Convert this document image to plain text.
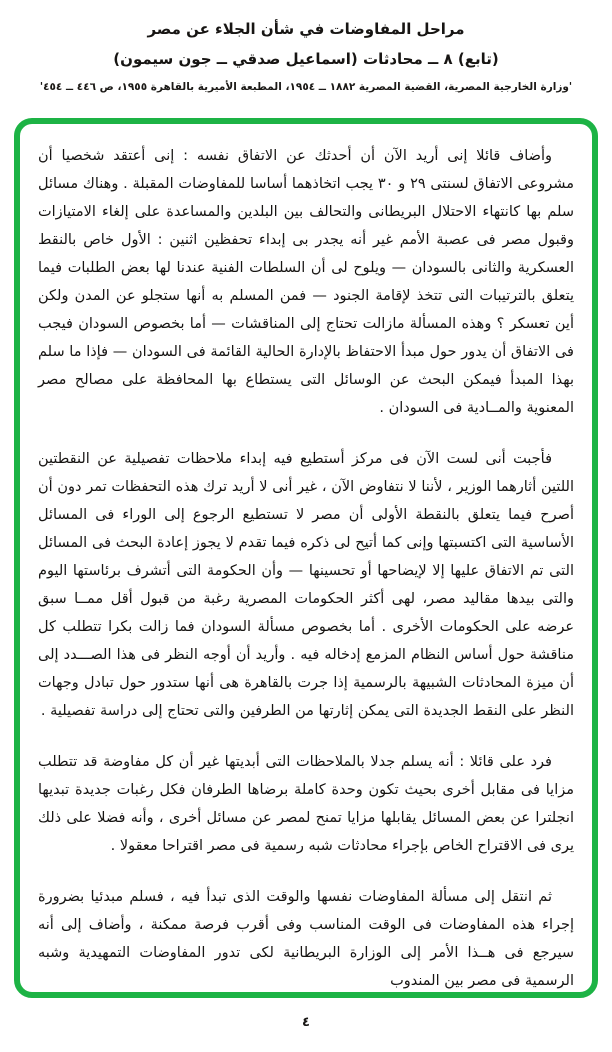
مراحل المفاوضات في شأن الجلاء عن مصر

(تابع) ٨ ــ محادثات (اسماعيل صدقي ــ جون سيمون)

'وزارة الخارجية المصرية، القضية المصرية ١٨٨٢ ــ ١٩٥٤، المطبعة الأميرية بالقاهرة ١٩٥٥، ص ٤٤٦ ــ ٤٥٤'

وأضاف قائلا إنى أريد الآن أن أحدثك عن الاتفاق نفسه : إنى أعتقد شخصيا أن مشروعى الاتفاق لسنتى ٢٩ و ٣٠ يجب اتخاذهما أساسا للمفاوضات المقبلة . وهناك مسائل سلم بها كانتهاء الاحتلال البريطانى والتحالف بين البلدين والمساعدة على إلغاء الامتيازات وقبول مصر فى عصبة الأمم غير أنه يجدر بى إبداء تحفظين اثنين : الأول خاص بالنقط العسكرية والثانى بالسودان — ويلوح لى أن السلطات الفنية عندنا لها بعض الطلبات فيما يتعلق بالترتيبات التى تتخذ لإقامة الجنود — فمن المسلم به أنها ستجلو عن المدن ولكن أين تعسكر ؟ وهذه المسألة مازالت تحتاج إلى المناقشات — أما بخصوص السودان فيجب فى الاتفاق أن يدور حول مبدأ الاحتفاظ بالإدارة الحالية القائمة فى السودان — فإذا ما سلم بهذا المبدأ فيمكن البحث عن الوسائل التى يستطاع بها المحافظة على مصالح مصر المعنوية والمــادية فى السودان .

فأجبت أنى لست الآن فى مركز أستطيع فيه إبداء ملاحظات تفصيلية عن النقطتين اللتين أثارهما الوزير ، لأننا لا نتفاوض الآن ، غير أنى لا أريد ترك هذه التحفظات تمر دون أن أصرح فيما يتعلق بالنقطة الأولى أن مصر لا تستطيع الرجوع إلى الوراء فى المسائل الأساسية التى اكتسبتها وإنى كما أتيح لى ذكره فيما تقدم لا يجوز إعادة البحث فى المسائل التى تم الاتفاق عليها إلا لإيضاحها أو تحسينها — وأن الحكومة التى أتشرف برئاستها اليوم والتى بيدها مقاليد مصر، لهى أكثر الحكومات المصرية رغبة من قبول أقل ممــا سبق عرضه على الحكومات الأخرى . أما بخصوص مسألة السودان فما زالت بكرا تتطلب كل مناقشة حول أساس النظام المزمع إدخاله فيه . وأريد أن أوجه النظر فى هذا الصـــدد إلى أن ميزة المحادثات الشبيهة بالرسمية إذا جرت بالقاهرة هى أنها ستدور حول تبادل وجهات النظر على النقط الجديدة التى يمكن إثارتها من الطرفين والتى تحتاج إلى دراسة تفصيلية .

فرد على قائلا : أنه يسلم جدلا بالملاحظات التى أبديتها غير أن كل مفاوضة قد تتطلب مزايا فى مقابل أخرى بحيث تكون وحدة كاملة برضاها الطرفان فكل رغبات جديدة تبديها انجلترا عن بعض المسائل يقابلها مزايا تمنح لمصر عن مسائل أخرى ، وأنه فضلا على ذلك يرى فى الاقتراح الخاص بإجراء محادثات شبه رسمية فى مصر اقتراحا معقولا .

ثم انتقل إلى مسألة المفاوضات نفسها والوقت الذى تبدأ فيه ، فسلم مبدئيا بضرورة إجراء هذه المفاوضات فى الوقت المناسب وفى أقرب فرصة ممكنة ، وأضاف إلى أنه سيرجع فى هــذا الأمر إلى الوزارة البريطانية لكى تدور المفاوضات التمهيدية وشبه الرسمية فى مصر بين المندوب

٤
